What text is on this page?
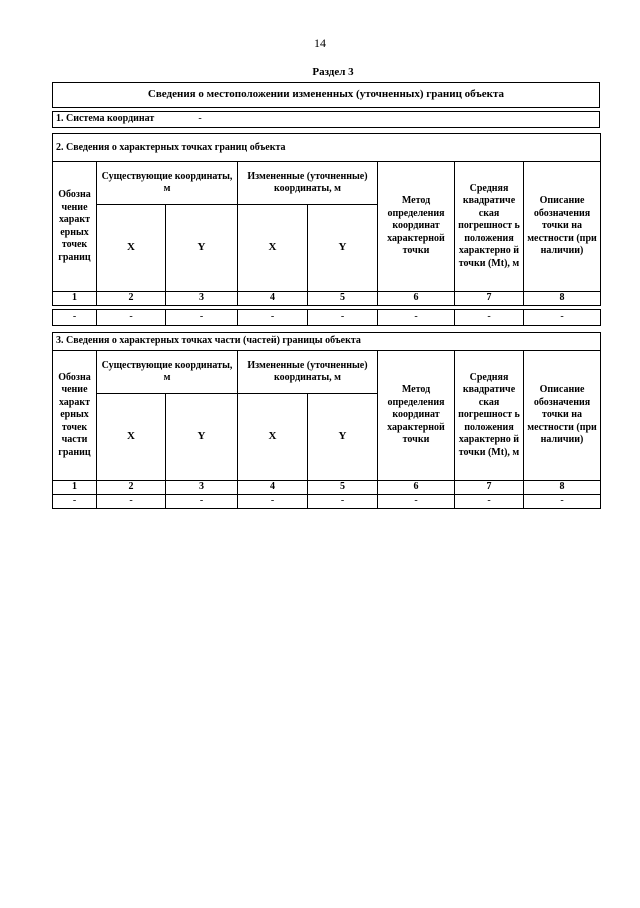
14
Раздел 3
Сведения о местоположении измененных (уточненных) границ объекта
1. Система координат	-
2. Сведения о характерных точках границ объекта							
Обозна чение характ ерных точек границ	Существующие координаты, м		Измененные (уточненные) координаты, м		Метод определения координат характерной точки	Средняя квадратиче ская погрешност ь положения характерно й точки (Mt), м	Описание обозначения точки на местности (при наличии)
	X	Y	X	Y			
1	2	3	4	5	6	7	8
-	-	-	-	-	-	-	-
3. Сведения о характерных точках части (частей) границы объекта							
Обозна чение характ ерных точек части границ	Существующие координаты, м		Измененные (уточненные) координаты, м		Метод определения координат характерной точки	Средняя квадратиче ская погрешност ь положения характерно й точки (Mt), м	Описание обозначения точки на местности (при наличии)
	X	Y	X	Y			
1	2	3	4	5	6	7	8
-	-	-	-	-	-	-	-
